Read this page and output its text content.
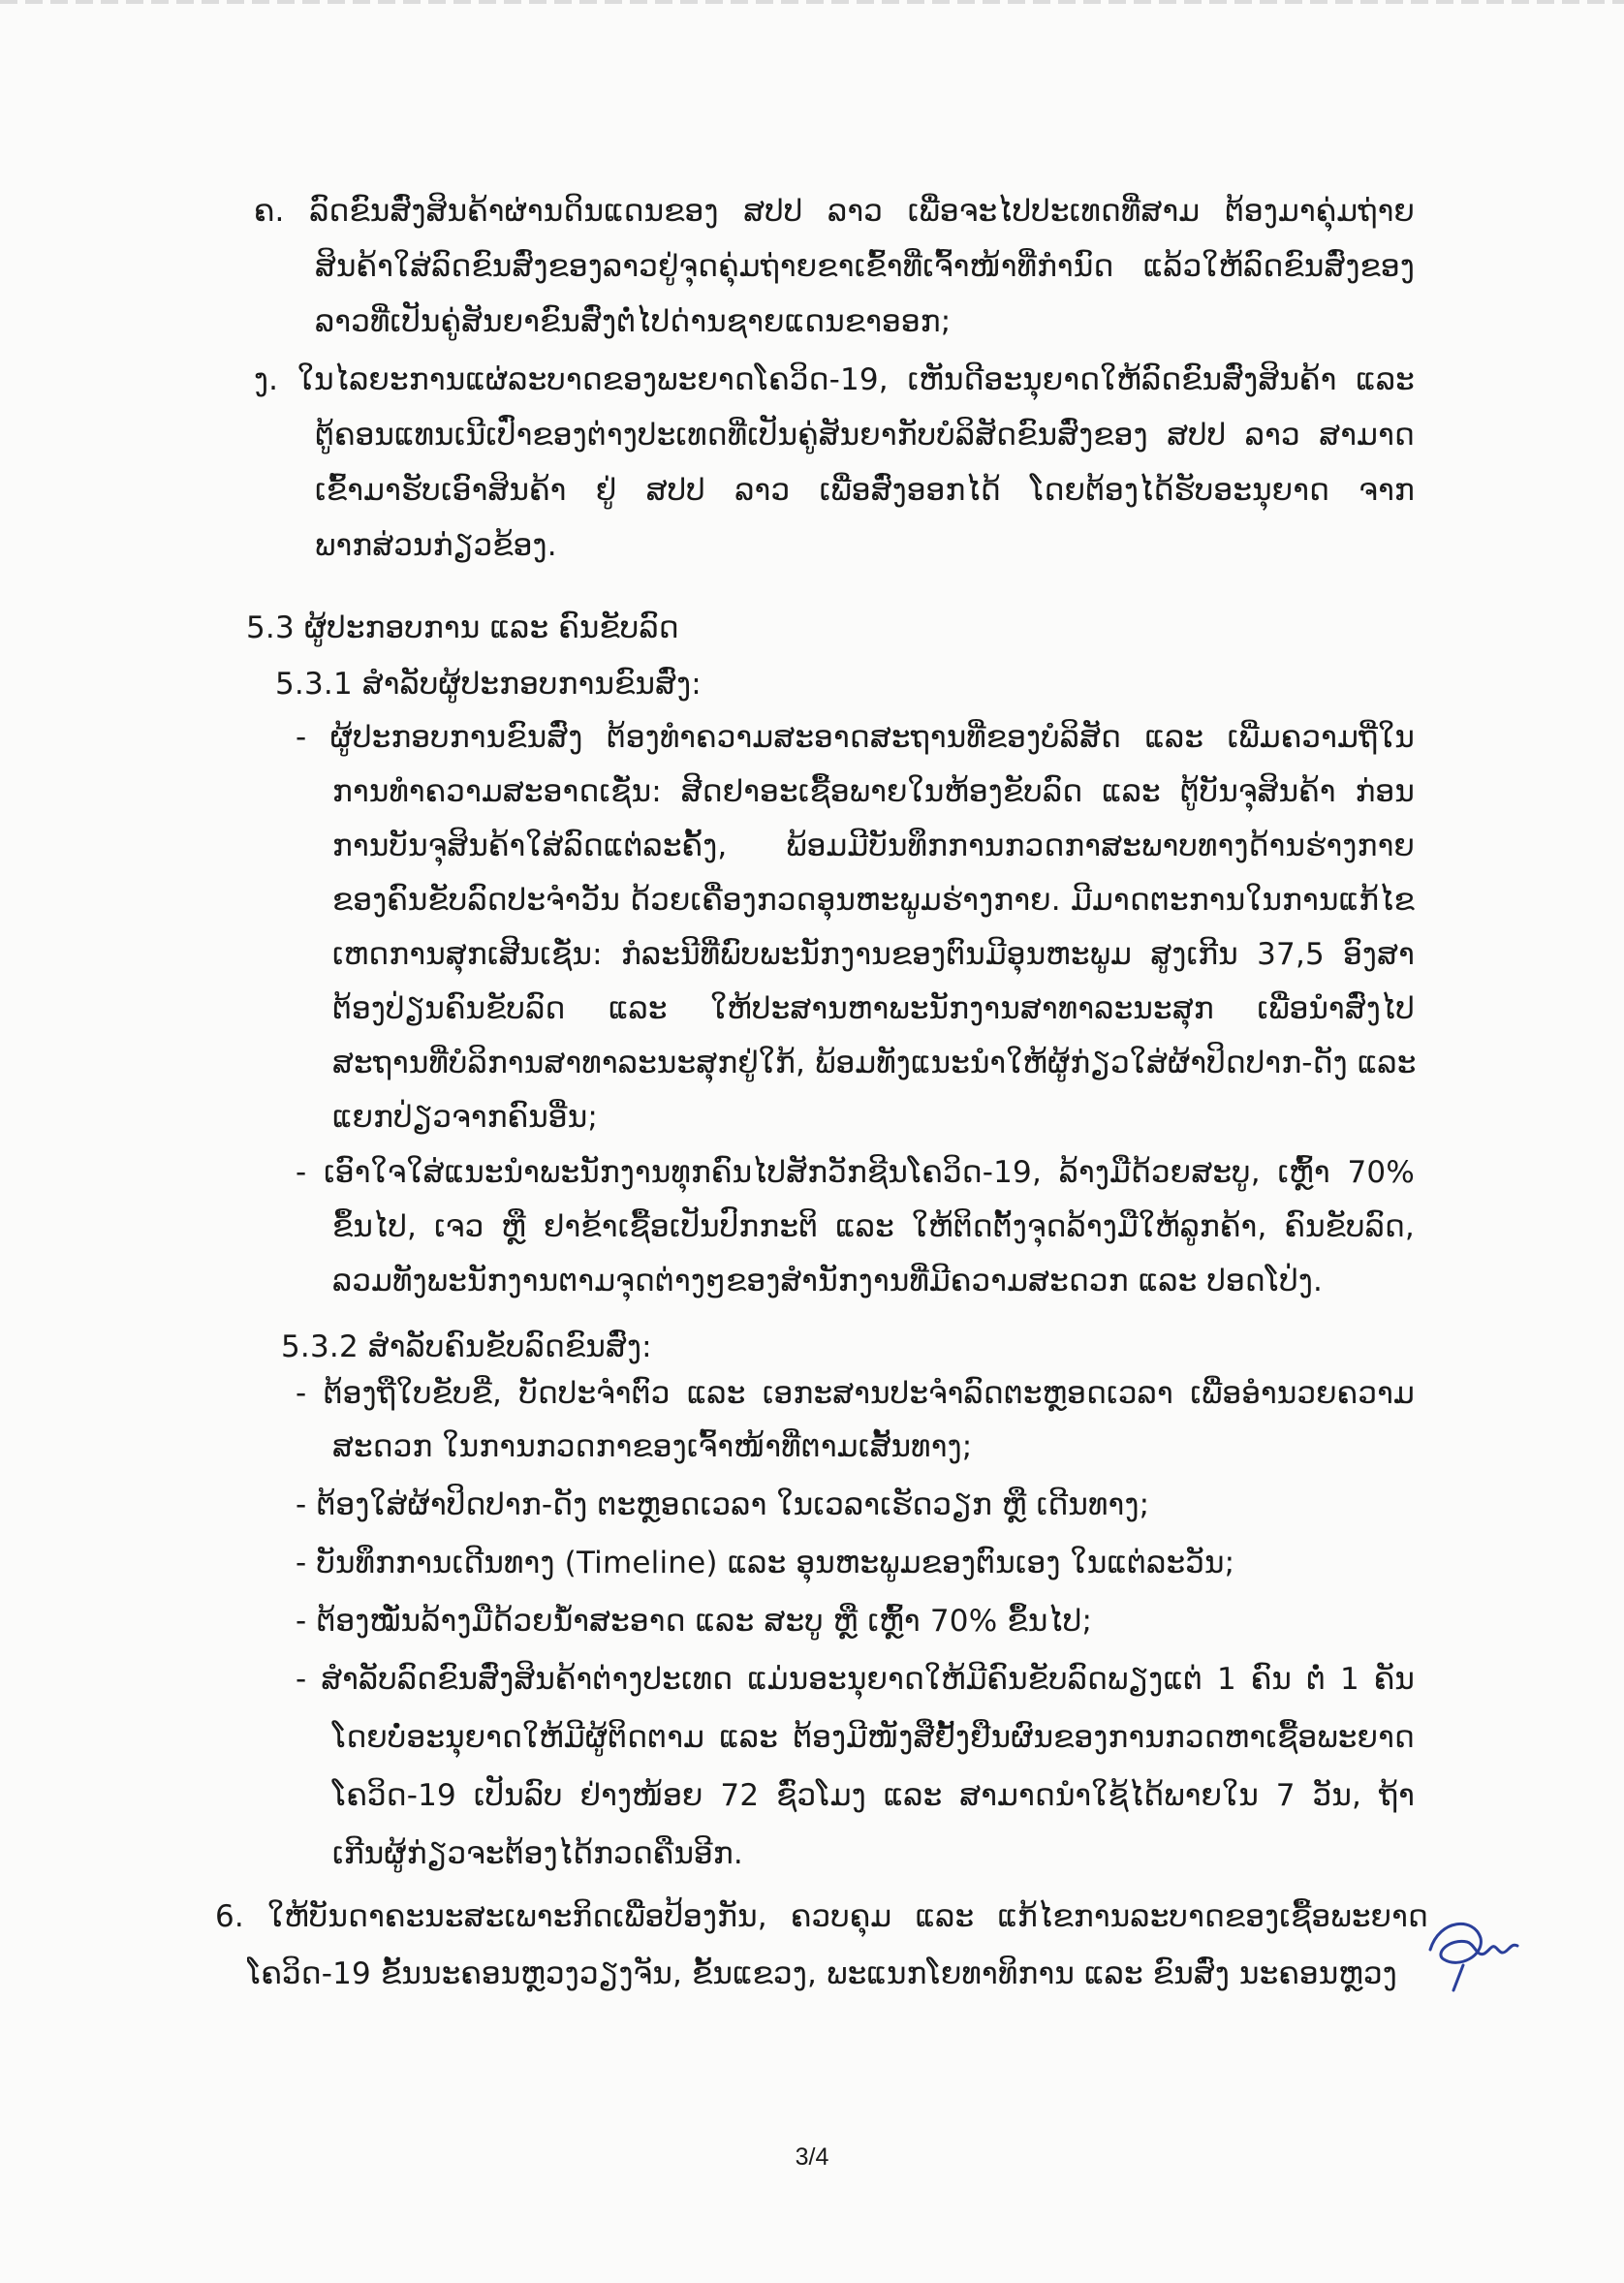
ຄ. ລົດຂົນສົ່ງສິນຄ້າຜ່ານດິນແດນຂອງ ສປປ ລາວ ເພື່ອຈະໄປປະເທດທີ່ສາມ ຕ້ອງມາຄຸ່ມຖ່າຍ
ສິນຄ້າໃສ່ລົດຂົນສົ່ງຂອງລາວຢູ່ຈຸດຄຸ່ມຖ່າຍຂາເຂົ້າທີ່ເຈົ້າໜ້າທີ່ກຳນົດ ແລ້ວໃຫ້ລົດຂົນສົ່ງຂອງ
ລາວທີ່ເປັນຄູ່ສັນຍາຂົນສົ່ງຕໍ່ໄປດ່ານຊາຍແດນຂາອອກ;
ງ. ໃນໄລຍະການແຜ່ລະບາດຂອງພະຍາດໂຄວິດ-19, ເຫັນດີອະນຸຍາດໃຫ້ລົດຂົນສົ່ງສິນຄ້າ ແລະ
ຕູ້ຄອນແທນເນີເປົ່າຂອງຕ່າງປະເທດທີ່ເປັນຄູ່ສັນຍາກັບບໍລິສັດຂົນສົ່ງຂອງ ສປປ ລາວ ສາມາດ
ເຂົ້າມາຮັບເອົາສິນຄ້າ ຢູ່ ສປປ ລາວ ເພື່ອສົ່ງອອກໄດ້ ໂດຍຕ້ອງໄດ້ຮັບອະນຸຍາດ ຈາກ
ພາກສ່ວນກ່ຽວຂ້ອງ.
5.3 ຜູ້ປະກອບການ ແລະ ຄົນຂັບລົດ
5.3.1 ສຳລັບຜູ້ປະກອບການຂົນສົ່ງ:
- ຜູ້ປະກອບການຂົນສົ່ງ ຕ້ອງທຳຄວາມສະອາດສະຖານທີ່ຂອງບໍລິສັດ ແລະ ເພີ່ມຄວາມຖີ່ໃນ
ການທຳຄວາມສະອາດເຊັ່ນ: ສີດຢາອະເຊື້ອພາຍໃນຫ້ອງຂັບລົດ ແລະ ຕູ້ບັນຈຸສິນຄ້າ ກ່ອນ
ການບັນຈຸສິນຄ້າໃສ່ລົດແຕ່ລະຄັ້ງ, ພ້ອມມີບັນທຶກການກວດກາສະພາບທາງດ້ານຮ່າງກາຍ
ຂອງຄົນຂັບລົດປະຈຳວັນ ດ້ວຍເຄື່ອງກວດອຸນຫະພູມຮ່າງກາຍ. ມີມາດຕະການໃນການແກ້ໄຂ
ເຫດການສຸກເສີນເຊັ່ນ: ກໍລະນີທີ່ພົບພະນັກງານຂອງຕົນມີອຸນຫະພູມ ສູງເກີນ 37,5 ອົງສາ
ຕ້ອງປ່ຽນຄົນຂັບລົດ ແລະ ໃຫ້ປະສານຫາພະນັກງານສາທາລະນະສຸກ ເພື່ອນຳສົ່ງໄປ
ສະຖານທີ່ບໍລິການສາທາລະນະສຸກຢູ່ໃກ້, ພ້ອມທັງແນະນຳໃຫ້ຜູ້ກ່ຽວໃສ່ຜ້າປິດປາກ-ດັງ ແລະ
ແຍກປ່ຽວຈາກຄົນອື່ນ;
- ເອົາໃຈໃສ່ແນະນຳພະນັກງານທຸກຄົນໄປສັກວັກຊີນໂຄວິດ-19, ລ້າງມືດ້ວຍສະບູ, ເຫຼົ້າ 70%
ຂຶ້ນໄປ, ເຈວ ຫຼື ຢາຂ້າເຊື້ອເປັນປົກກະຕິ ແລະ ໃຫ້ຕິດຕັ້ງຈຸດລ້າງມືໃຫ້ລູກຄ້າ, ຄົນຂັບລົດ,
ລວມທັງພະນັກງານຕາມຈຸດຕ່າງໆຂອງສຳນັກງານທີ່ມີຄວາມສະດວກ ແລະ ປອດໂປ່ງ.
5.3.2 ສຳລັບຄົນຂັບລົດຂົນສົ່ງ:
- ຕ້ອງຖືໃບຂັບຂີ່, ບັດປະຈຳຕົວ ແລະ ເອກະສານປະຈຳລົດຕະຫຼອດເວລາ ເພື່ອອຳນວຍຄວາມ
ສະດວກ ໃນການກວດກາຂອງເຈົ້າໜ້າທີ່ຕາມເສັ້ນທາງ;
- ຕ້ອງໃສ່ຜ້າປິດປາກ-ດັງ ຕະຫຼອດເວລາ ໃນເວລາເຮັດວຽກ ຫຼື ເດີນທາງ;
- ບັນທຶກການເດີນທາງ (Timeline) ແລະ ອຸນຫະພູມຂອງຕົນເອງ ໃນແຕ່ລະວັນ;
- ຕ້ອງໝັ່ນລ້າງມືດ້ວຍນ້ຳສະອາດ ແລະ ສະບູ ຫຼື ເຫຼົ້າ 70% ຂຶ້ນໄປ;
- ສຳລັບລົດຂົນສົ່ງສິນຄ້າຕ່າງປະເທດ ແມ່ນອະນຸຍາດໃຫ້ມີຄົນຂັບລົດພຽງແຕ່ 1 ຄົນ ຕໍ່ 1 ຄັນ
ໂດຍບໍ່ອະນຸຍາດໃຫ້ມີຜູ້ຕິດຕາມ ແລະ ຕ້ອງມີໜັງສືຢັ້ງຢືນຜົນຂອງການກວດຫາເຊື້ອພະຍາດ
ໂຄວິດ-19 ເປັນລົບ ຢ່າງໜ້ອຍ 72 ຊົ່ວໂມງ ແລະ ສາມາດນຳໃຊ້ໄດ້ພາຍໃນ 7 ວັນ, ຖ້າ
ເກີນຜູ້ກ່ຽວຈະຕ້ອງໄດ້ກວດຄືນອີກ.
6. ໃຫ້ບັນດາຄະນະສະເພາະກິດເພື່ອປ້ອງກັນ, ຄວບຄຸມ ແລະ ແກ້ໄຂການລະບາດຂອງເຊື້ອພະຍາດ
ໂຄວິດ-19 ຂັ້ນນະຄອນຫຼວງວຽງຈັນ, ຂັ້ນແຂວງ, ພະແນກໂຍທາທິການ ແລະ ຂົນສົ່ງ ນະຄອນຫຼວງ
3/4
